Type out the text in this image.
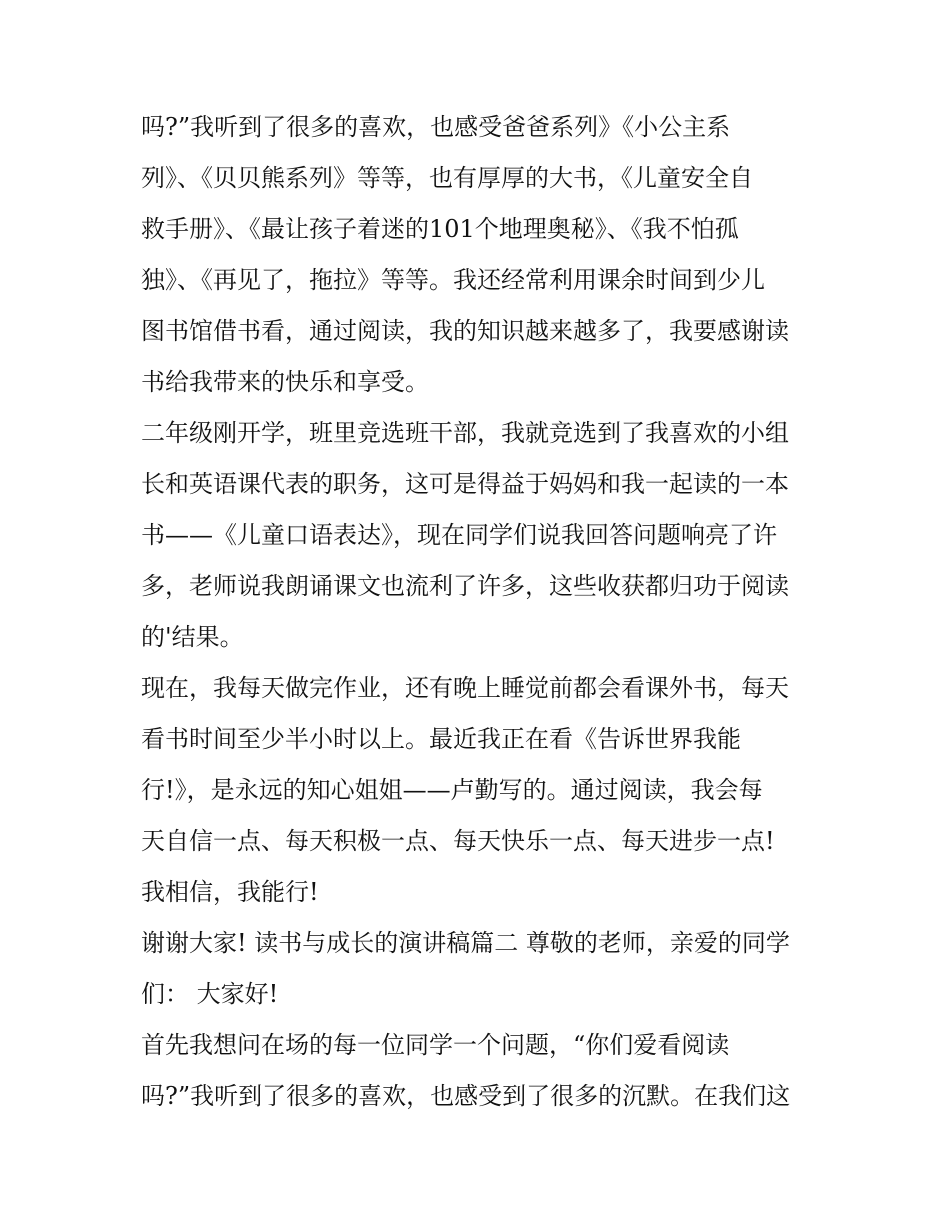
吗?”我听到了很多的喜欢，也感受爸爸系列》《小公主系
列》、《贝贝熊系列》等等，也有厚厚的大书，《儿童安全自
救手册》、《最让孩子着迷的101个地理奥秘》、《我不怕孤
独》、《再见了，拖拉》等等。我还经常利用课余时间到少儿
图书馆借书看，通过阅读，我的知识越来越多了，我要感谢读
书给我带来的快乐和享受。
二年级刚开学，班里竞选班干部，我就竞选到了我喜欢的小组
长和英语课代表的职务，这可是得益于妈妈和我一起读的一本
书——《儿童口语表达》，现在同学们说我回答问题响亮了许
多，老师说我朗诵课文也流利了许多，这些收获都归功于阅读
的'结果。
现在，我每天做完作业，还有晚上睡觉前都会看课外书，每天
看书时间至少半小时以上。最近我正在看《告诉世界我能
行!》，是永远的知心姐姐——卢勤写的。通过阅读，我会每
天自信一点、每天积极一点、每天快乐一点、每天进步一点!
我相信，我能行!
谢谢大家! 读书与成长的演讲稿篇二 尊敬的老师，亲爱的同学
们： 大家好!
首先我想问在场的每一位同学一个问题，“你们爱看阅读
吗?”我听到了很多的喜欢，也感受到了很多的沉默。在我们这
